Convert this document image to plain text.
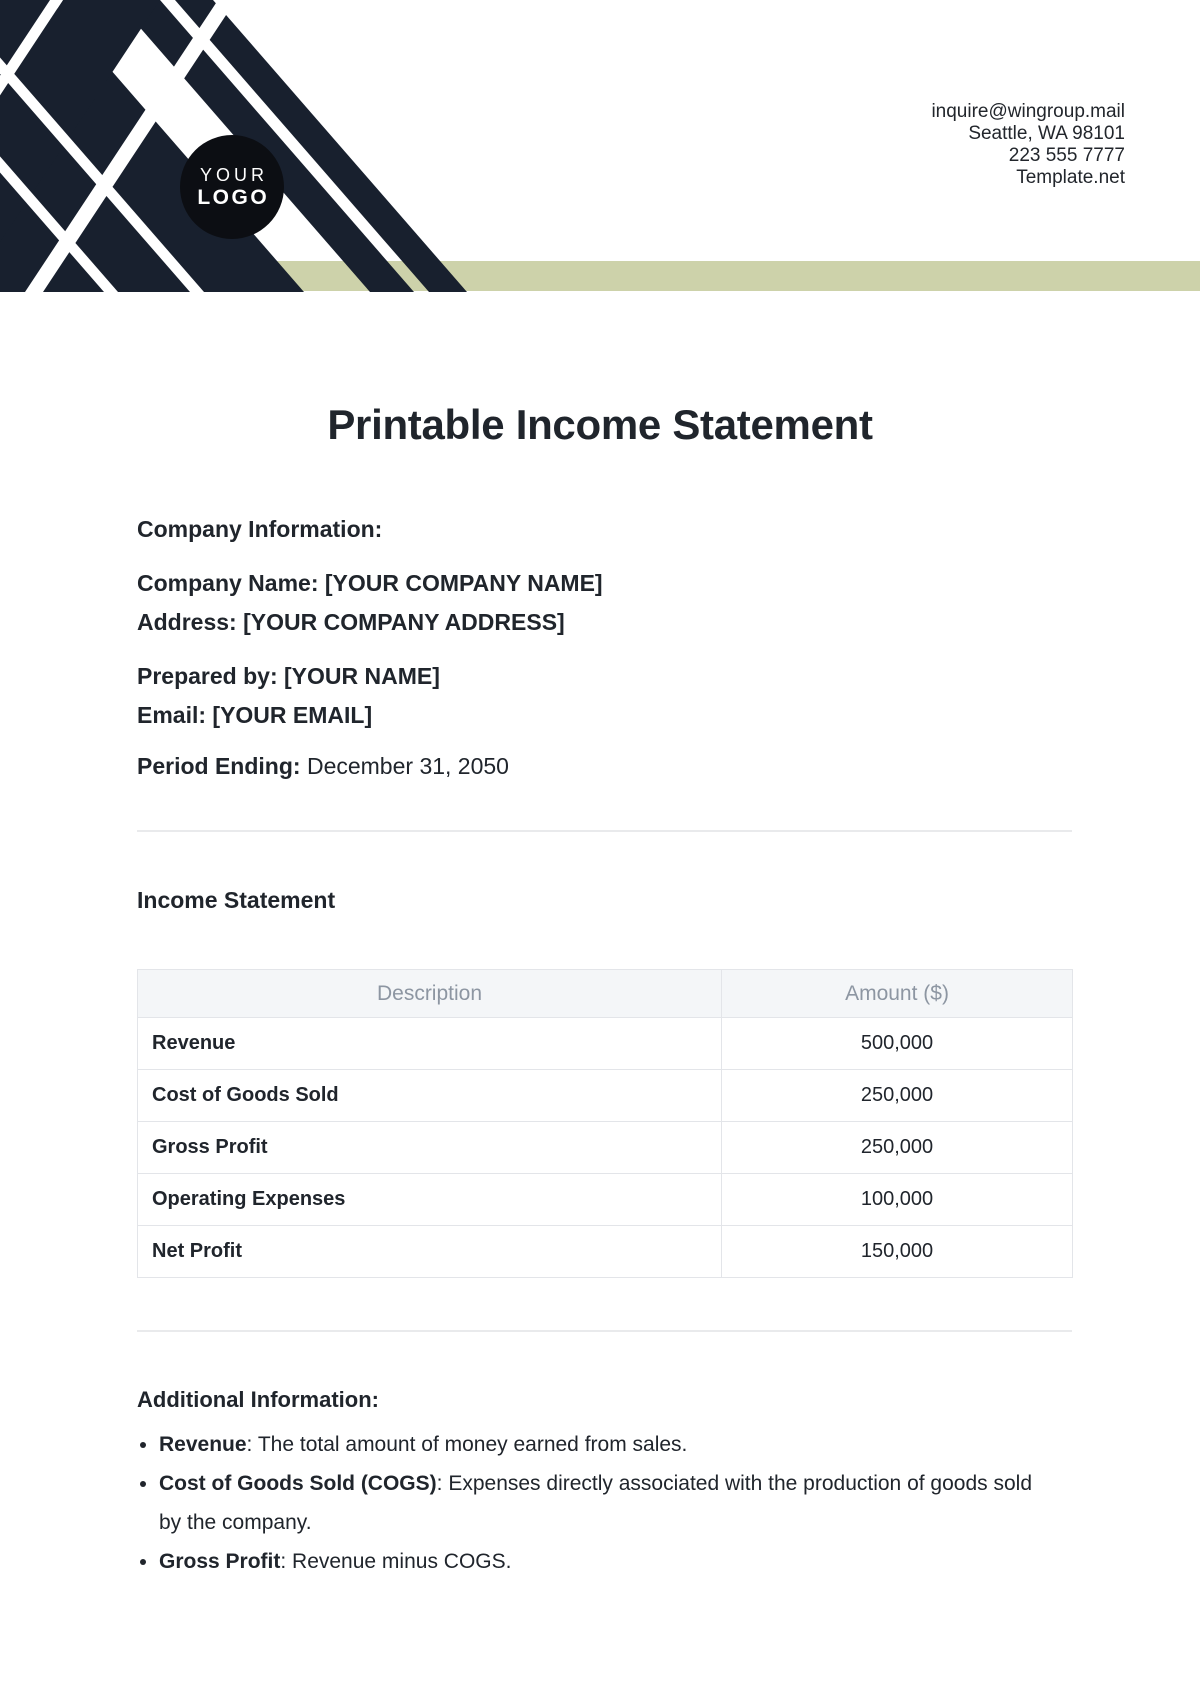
YOUR
LOGO
inquire@wingroup.mail
Seattle, WA 98101
223 555 7777
Template.net
Printable Income Statement
Company Information:
Company Name: [YOUR COMPANY NAME]
Address: [YOUR COMPANY ADDRESS]
Prepared by: [YOUR NAME]
Email: [YOUR EMAIL]
Period Ending: December 31, 2050
Income Statement
Description	Amount ($)
Revenue	500,000
Cost of Goods Sold	250,000
Gross Profit	250,000
Operating Expenses	100,000
Net Profit	150,000
Additional Information:
Revenue: The total amount of money earned from sales.
Cost of Goods Sold (COGS): Expenses directly associated with the production of goods sold by the company.
Gross Profit: Revenue minus COGS.
